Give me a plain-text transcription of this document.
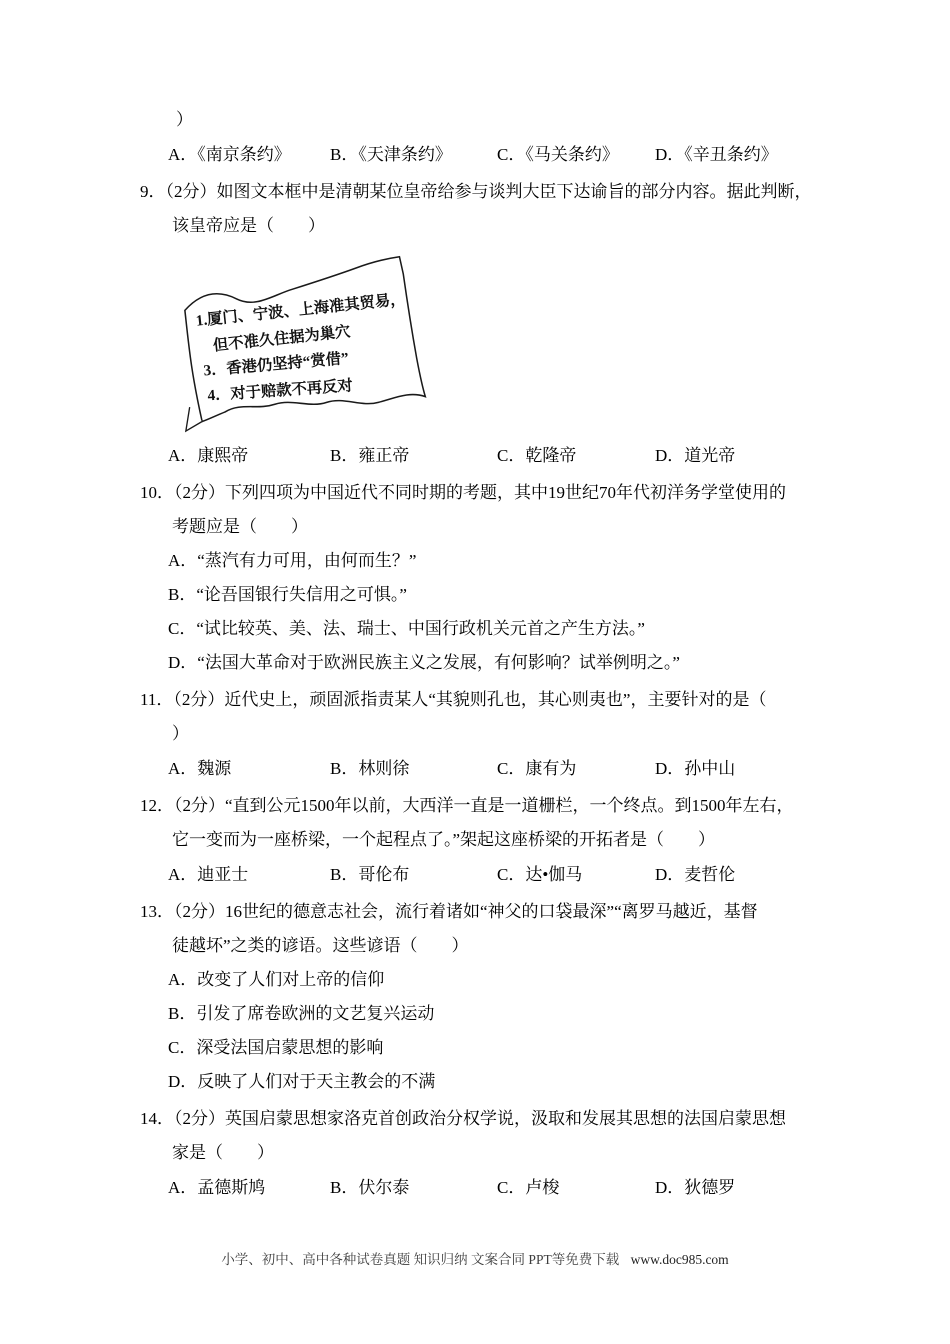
）
A．《南京条约》	B．《天津条约》	C．《马关条约》	D．《辛丑条约》
9．（2分）如图文本框中是清朝某位皇帝给参与谈判大臣下达谕旨的部分内容。据此判断，
该皇帝应是（　　）
1.厦门、宁波、上海准其贸易，
但不准久住据为巢穴
3．香港仍坚持“赏借”
4．对于赔款不再反对
A．康熙帝	B．雍正帝	C．乾隆帝	D．道光帝
10．（2分）下列四项为中国近代不同时期的考题，其中19世纪70年代初洋务学堂使用的
考题应是（　　）
A．“蒸汽有力可用，由何而生？”
B．“论吾国银行失信用之可惧。”
C．“试比较英、美、法、瑞士、中国行政机关元首之产生方法。”
D．“法国大革命对于欧洲民族主义之发展，有何影响？试举例明之。”
11．（2分）近代史上，顽固派指责某人“其貌则孔也，其心则夷也”，主要针对的是（
）
A．魏源	B．林则徐	C．康有为	D．孙中山
12．（2分）“直到公元1500年以前，大西洋一直是一道栅栏，一个终点。到1500年左右，
它一变而为一座桥梁，一个起程点了。”架起这座桥梁的开拓者是（　　）
A．迪亚士	B．哥伦布	C．达•伽马	D．麦哲伦
13．（2分）16世纪的德意志社会，流行着诸如“神父的口袋最深”“离罗马越近，基督
徒越坏”之类的谚语。这些谚语（　　）
A．改变了人们对上帝的信仰
B．引发了席卷欧洲的文艺复兴运动
C．深受法国启蒙思想的影响
D．反映了人们对于天主教会的不满
14．（2分）英国启蒙思想家洛克首创政治分权学说，汲取和发展其思想的法国启蒙思想
家是（　　）
A．孟德斯鸠	B．伏尔泰	C．卢梭	D．狄德罗
小学、初中、高中各种试卷真题 知识归纳 文案合同 PPT等免费下载 www.doc985.com
